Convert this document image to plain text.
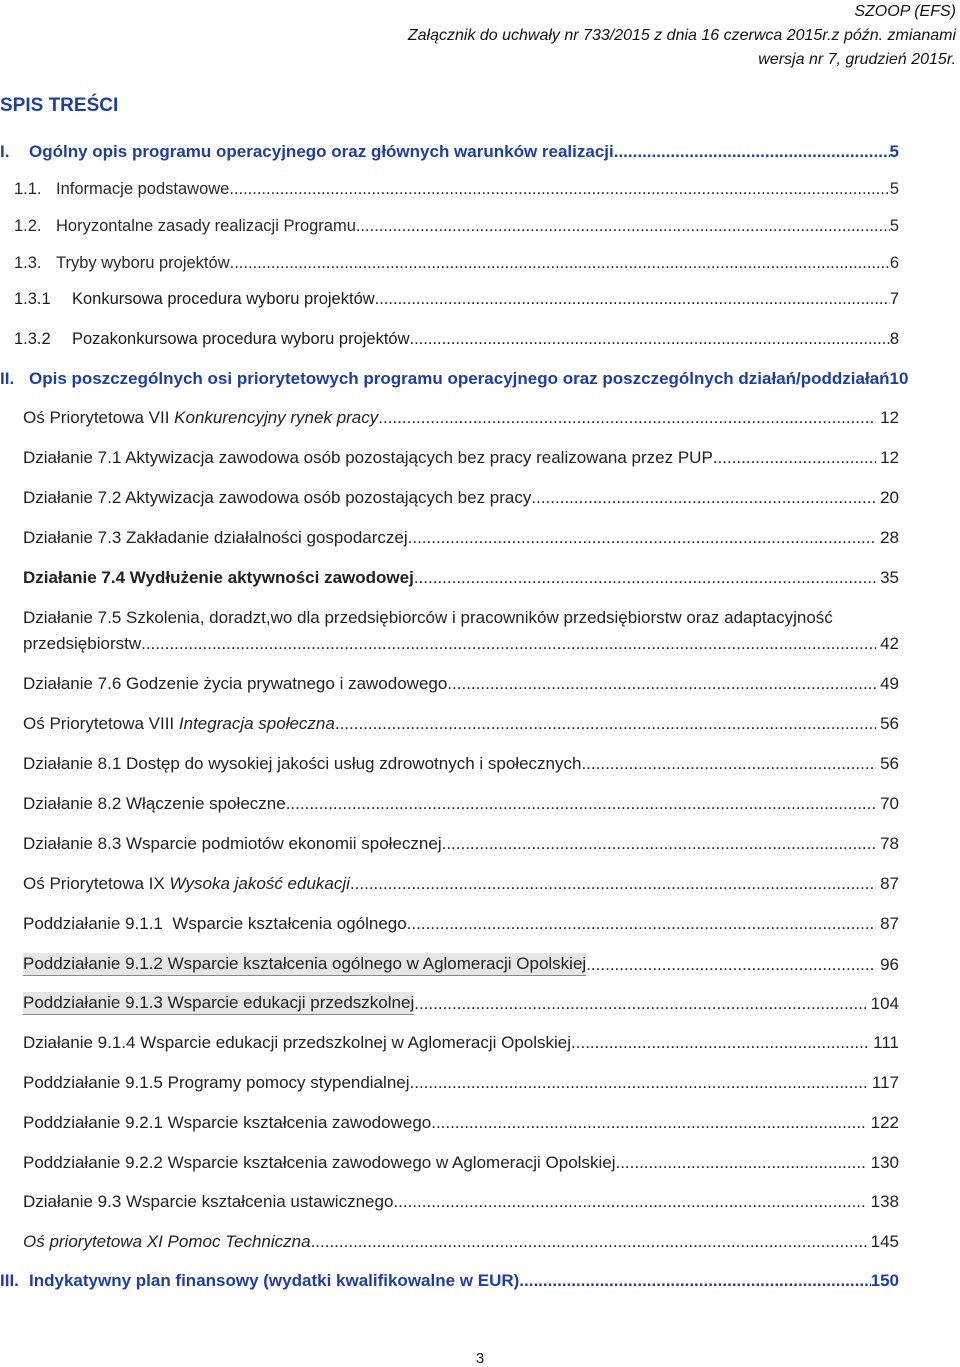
SZOOP (EFS)
Załącznik do uchwały nr 733/2015 z dnia 16 czerwca 2015r.z późn. zmianami
wersja nr 7, grudzień 2015r.
SPIS TREŚCI
I.	Ogólny opis programu operacyjnego oraz głównych warunków realizacji .....	5
1.1. Informacje podstawowe .....	5
1.2. Horyzontalne zasady realizacji Programu .....	5
1.3. Tryby wyboru projektów .....	6
1.3.1	Konkursowa procedura wyboru projektów .....	7
1.3.2	Pozakonkursowa procedura wyboru projektów .....	8
II. Opis poszczególnych osi priorytetowych programu operacyjnego oraz poszczególnych działań/poddziałań 10
Oś Priorytetowa VII Konkurencyjny rynek pracy .....	12
Działanie 7.1 Aktywizacja zawodowa osób pozostających bez pracy realizowana przez PUP .....	12
Działanie 7.2 Aktywizacja zawodowa osób pozostających bez pracy .....	20
Działanie 7.3 Zakładanie działalności gospodarczej .....	28
Działanie 7.4 Wydłużenie aktywności zawodowej .....	35
Działanie 7.5 Szkolenia, doradzt,wo dla przedsiębiorców i pracowników przedsiębiorstw oraz adaptacyjność
przedsiębiorstw .....	42
Działanie 7.6 Godzenie życia prywatnego i zawodowego .....	49
Oś Priorytetowa VIII Integracja społeczna .....	56
Działanie 8.1 Dostęp do wysokiej jakości usług zdrowotnych i społecznych .....	56
Działanie 8.2 Włączenie społeczne .....	70
Działanie 8.3 Wsparcie podmiotów ekonomii społecznej .....	78
Oś Priorytetowa IX Wysoka jakość edukacji .....	87
Poddziałanie 9.1.1  Wsparcie kształcenia ogólnego .....	87
Poddziałanie 9.1.2 Wsparcie kształcenia ogólnego w Aglomeracji Opolskiej .....	96
Poddziałanie 9.1.3 Wsparcie edukacji przedszkolnej .....	104
Działanie 9.1.4 Wsparcie edukacji przedszkolnej w Aglomeracji Opolskiej .....	111
Poddziałanie 9.1.5 Programy pomocy stypendialnej .....	117
Poddziałanie 9.2.1 Wsparcie kształcenia zawodowego .....	122
Poddziałanie 9.2.2 Wsparcie kształcenia zawodowego w Aglomeracji Opolskiej .....	130
Działanie 9.3 Wsparcie kształcenia ustawicznego .....	138
Oś priorytetowa XI Pomoc Techniczna .....	145
III. Indykatywny plan finansowy (wydatki kwalifikowalne w EUR) .....	150
3
